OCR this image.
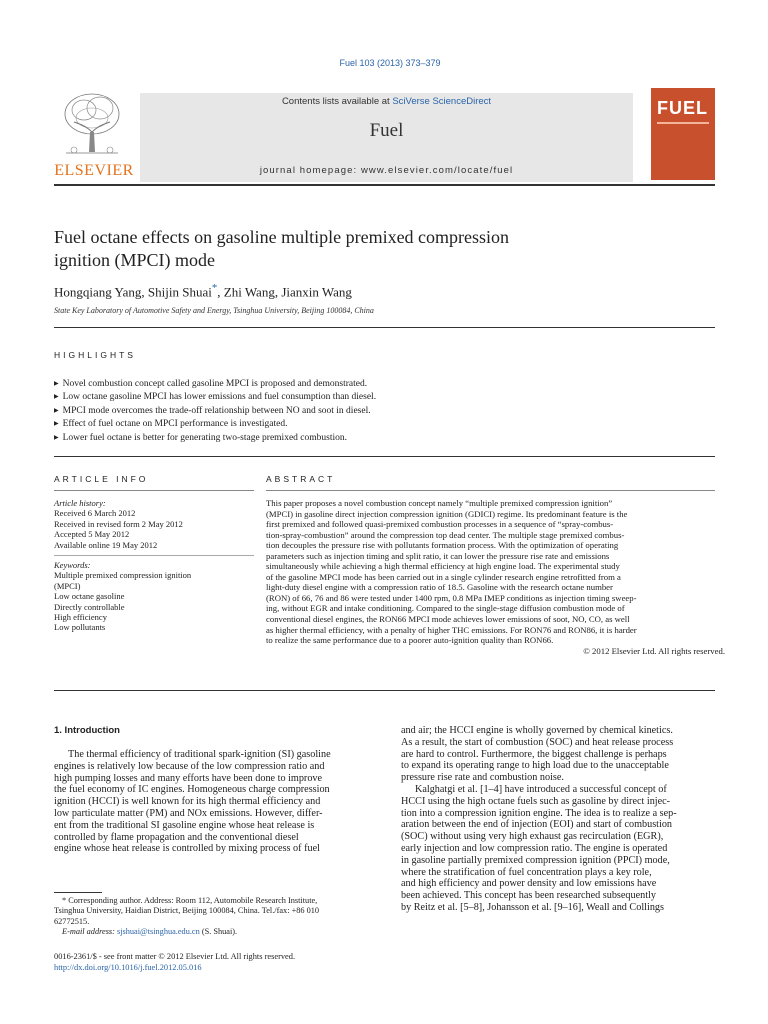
Fuel 103 (2013) 373–379
ELSEVIER
Contents lists available at SciVerse ScienceDirect
Fuel
journal homepage: www.elsevier.com/locate/fuel
FUEL
Fuel octane effects on gasoline multiple premixed compression
ignition (MPCI) mode
Hongqiang Yang, Shijin Shuai*, Zhi Wang, Jianxin Wang
State Key Laboratory of Automotive Safety and Energy, Tsinghua University, Beijing 100084, China
HIGHLIGHTS
▶ Novel combustion concept called gasoline MPCI is proposed and demonstrated.
▶ Low octane gasoline MPCI has lower emissions and fuel consumption than diesel.
▶ MPCI mode overcomes the trade-off relationship between NO and soot in diesel.
▶ Effect of fuel octane on MPCI performance is investigated.
▶ Lower fuel octane is better for generating two-stage premixed combustion.
ARTICLE INFO
Article history:
Received 6 March 2012
Received in revised form 2 May 2012
Accepted 5 May 2012
Available online 19 May 2012
Keywords:
Multiple premixed compression ignition
(MPCI)
Low octane gasoline
Directly controllable
High efficiency
Low pollutants
ABSTRACT
This paper proposes a novel combustion concept namely “multiple premixed compression ignition”
(MPCI) in gasoline direct injection compression ignition (GDICI) regime. Its predominant feature is the
first premixed and followed quasi-premixed combustion processes in a sequence of “spray-combus-
tion-spray-combustion” around the compression top dead center. The multiple stage premixed combus-
tion decouples the pressure rise with pollutants formation process. With the optimization of operating
parameters such as injection timing and split ratio, it can lower the pressure rise rate and emissions
simultaneously while achieving a high thermal efficiency at high engine load. The experimental study
of the gasoline MPCI mode has been carried out in a single cylinder research engine retrofitted from a
light-duty diesel engine with a compression ratio of 18.5. Gasoline with the research octane number
(RON) of 66, 76 and 86 were tested under 1400 rpm, 0.8 MPa IMEP conditions as injection timing sweep-
ing, without EGR and intake conditioning. Compared to the single-stage diffusion combustion mode of
conventional diesel engines, the RON66 MPCI mode achieves lower emissions of soot, NO, CO, as well
as higher thermal efficiency, with a penalty of higher THC emissions. For RON76 and RON86, it is harder
to realize the same performance due to a poorer auto-ignition quality than RON66.
© 2012 Elsevier Ltd. All rights reserved.
1. Introduction
The thermal efficiency of traditional spark-ignition (SI) gasoline
engines is relatively low because of the low compression ratio and
high pumping losses and many efforts have been done to improve
the fuel economy of IC engines. Homogeneous charge compression
ignition (HCCI) is well known for its high thermal efficiency and
low particulate matter (PM) and NOx emissions. However, differ-
ent from the traditional SI gasoline engine whose heat release is
controlled by flame propagation and the conventional diesel
engine whose heat release is controlled by mixing process of fuel
and air; the HCCI engine is wholly governed by chemical kinetics.
As a result, the start of combustion (SOC) and heat release process
are hard to control. Furthermore, the biggest challenge is perhaps
to expand its operating range to high load due to the unacceptable
pressure rise rate and combustion noise.
Kalghatgi et al. [1–4] have introduced a successful concept of
HCCI using the high octane fuels such as gasoline by direct injec-
tion into a compression ignition engine. The idea is to realize a sep-
aration between the end of injection (EOI) and start of combustion
(SOC) without using very high exhaust gas recirculation (EGR),
early injection and low compression ratio. The engine is operated
in gasoline partially premixed compression ignition (PPCI) mode,
where the stratification of fuel concentration plays a key role,
and high efficiency and power density and low emissions have
been achieved. This concept has been researched subsequently
by Reitz et al. [5–8], Johansson et al. [9–16], Weall and Collings
* Corresponding author. Address: Room 112, Automobile Research Institute,
Tsinghua University, Haidian District, Beijing 100084, China. Tel./fax: +86 010
62772515.
E-mail address: sjshuai@tsinghua.edu.cn (S. Shuai).
0016-2361/$ - see front matter © 2012 Elsevier Ltd. All rights reserved.
http://dx.doi.org/10.1016/j.fuel.2012.05.016
